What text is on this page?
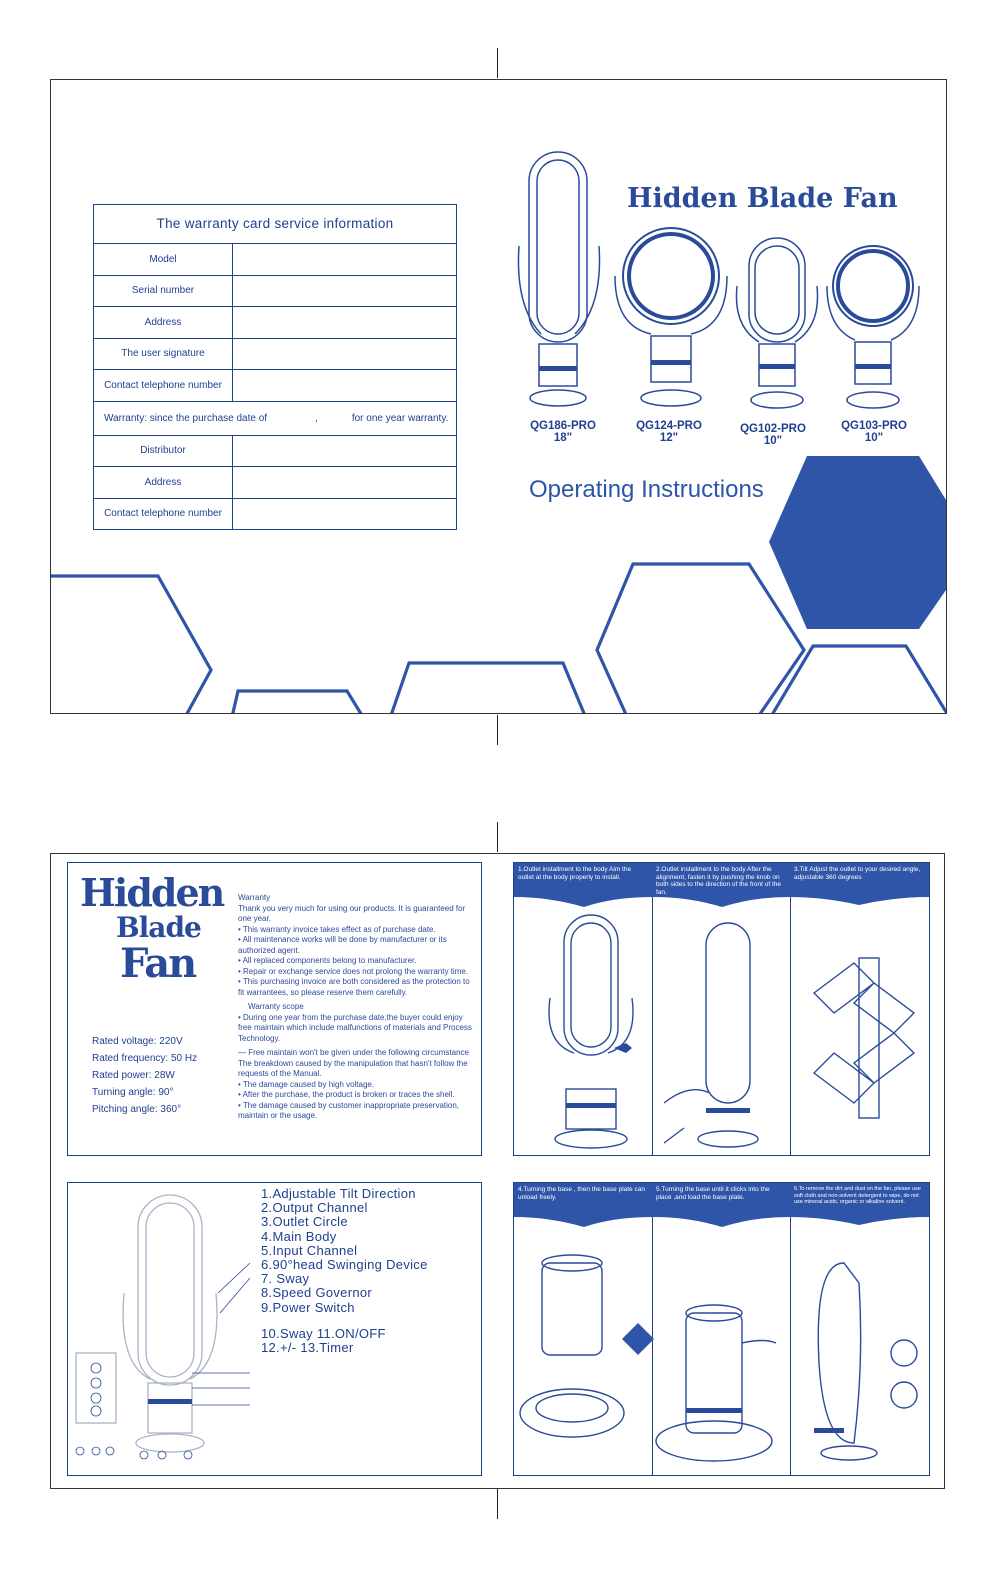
The warranty card service information
Model
Serial number
Address
The user signature
Contact telephone number
Warranty: since the purchase date of	,	for one year warranty.
Distributor
Address
Contact telephone number
Hidden Blade Fan
QG186-PRO
18"
QG124-PRO
12"
QG102-PRO
10"
QG103-PRO
10"
Operating Instructions
Hidden
Blade
Fan
Rated voltage: 220V
Rated frequency: 50 Hz
Rated power: 28W
Turning angle: 90°
Pitching angle: 360°
Warranty
Thank you very much for using our products. It is guaranteed for one year.
• This warranty invoice takes effect as of purchase date.
• All maintenance works will be done by manufacturer or its authorized agent.
• All replaced components belong to manufacturer.
• Repair or exchange service does not prolong the warranty time.
• This purchasing invoice are both considered as the protection to fit warrantees, so please reserve them carefully.
Warranty scope
• During one year from the purchase date,the buyer could enjoy free maintain which include malfunctions of materials and Process Technology.
— Free maintain won't be given under the following circumstance
The breakdown caused by the manipulation that hasn't follow the requests of the Manual.
• The damage caused by high voltage.
• After the purchase, the product is broken or traces the shell.
• The damage caused by customer inappropriate preservation, maintain or the usage.
1.Outlet installment to the body Aim the outlet at the body properly to install.
2.Outlet installment to the body After the alignment, fasten it by pushing the knob on both sides to the direction of the front of the fan.
3.Tilt Adjust the outlet to your desired angle, adjustable 360 degrees
1.Adjustable Tilt Direction
2.Output Channel
3.Outlet Circle
4.Main Body
5.Input Channel
6.90°head Swinging Device
7. Sway
8.Speed Governor
9.Power Switch
10.Sway 11.ON/OFF
12.+/- 13.Timer
4.Turning the base , then the base plate can unload freely.
5.Turning the base until it clicks into the place ,and load the base plate.
6.To remove the dirt and dust on the fan, please use soft cloth and non-solvent detergent to wipe, do not use mineral acids, organic or alkaline solvent.
